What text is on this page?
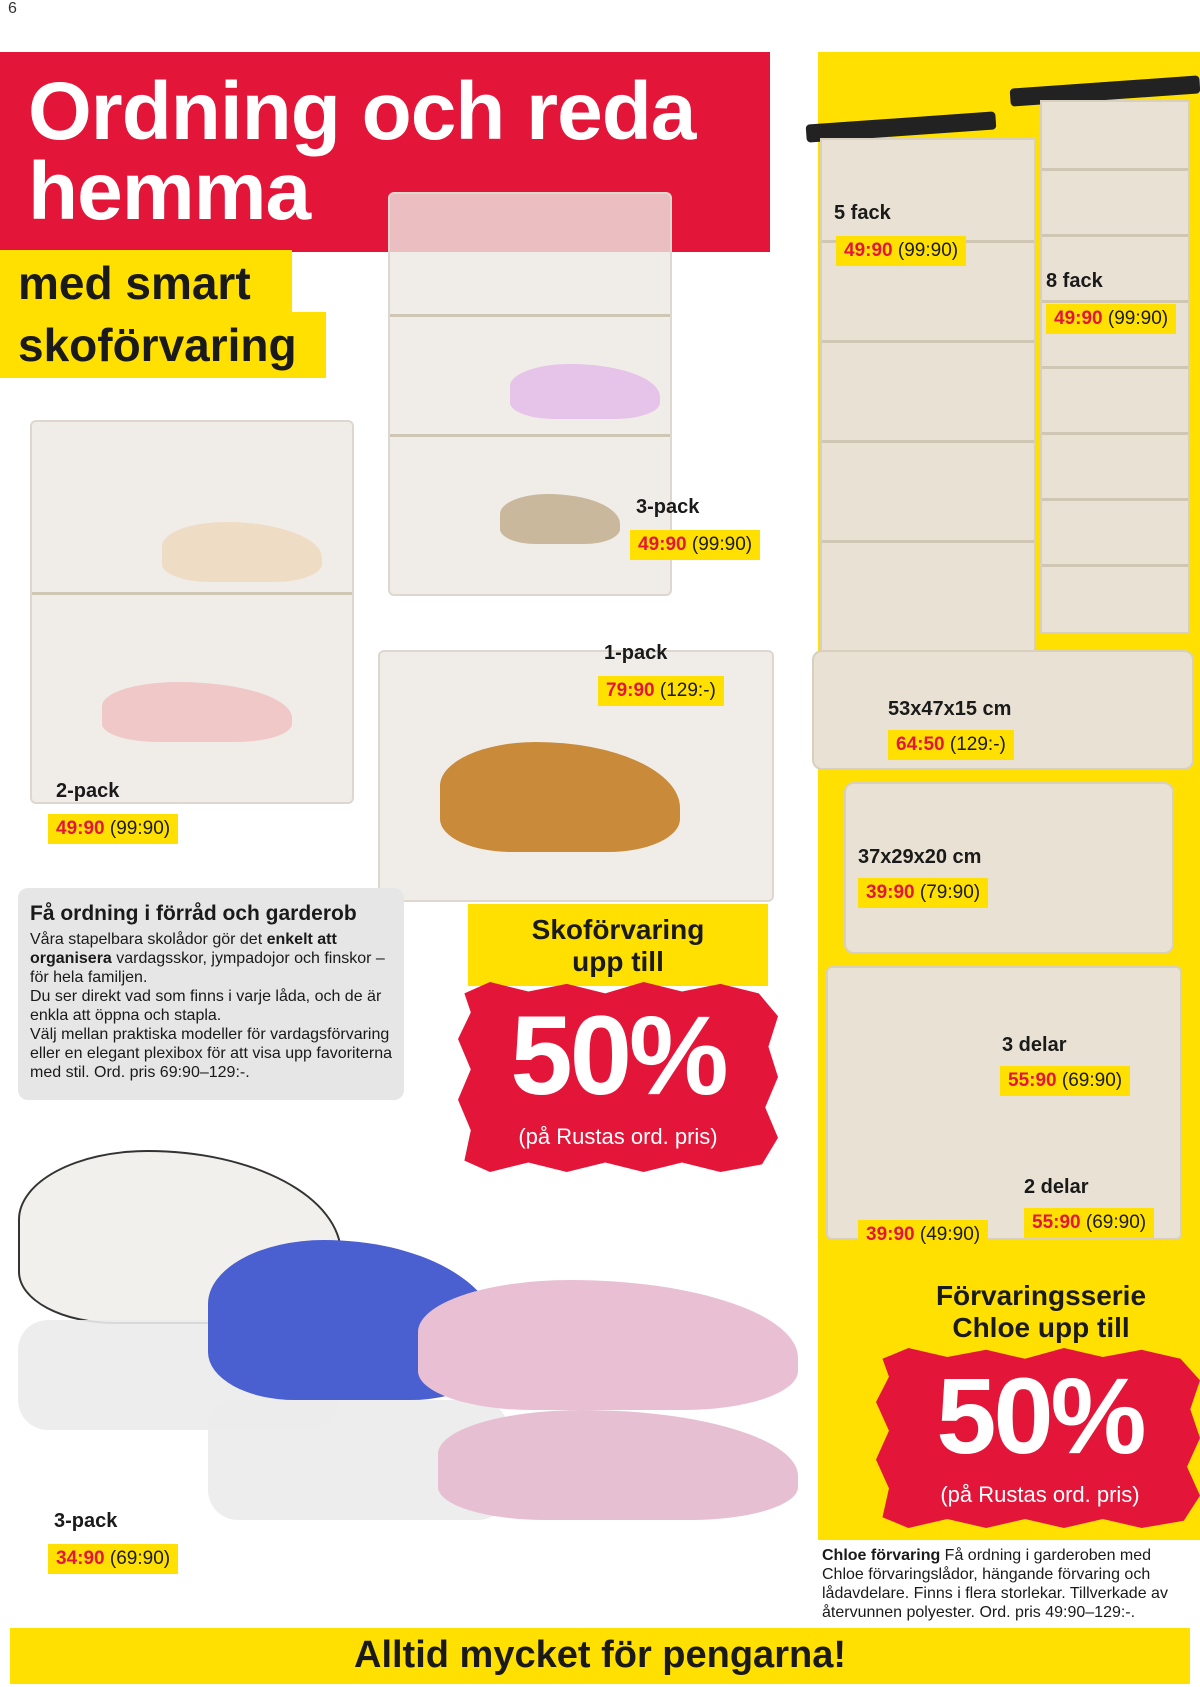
6
Ordning och reda
hemma
med smart
skoförvaring
3-pack
49:90 (99:90)
1-pack
79:90 (129:-)
2-pack
49:90 (99:90)
Få ordning i förråd och garderob
Våra stapelbara skolådor gör det enkelt att organisera vardagsskor, jympadojor och finskor – för hela familjen.
Du ser direkt vad som finns i varje låda, och de är enkla att öppna och stapla.
Välj mellan praktiska modeller för vardagsförvaring eller en elegant plexibox för att visa upp favoriterna med stil. Ord. pris 69:90–129:-.
Skoförvaring
upp till
50%
(på Rustas ord. pris)
3-pack
34:90 (69:90)
5 fack
49:90 (99:90)
8 fack
49:90 (99:90)
53x47x15 cm
64:50 (129:-)
37x29x20 cm
39:90 (79:90)
3 delar
55:90 (69:90)
2 delar
55:90 (69:90)
39:90 (49:90)
Förvaringsserie
Chloe upp till
50%
(på Rustas ord. pris)
Chloe förvaring Få ordning i garderoben med Chloe förvaringslådor, hängande förvaring och lådavdelare. Finns i flera storlekar. Tillverkade av återvunnen polyester. Ord. pris 49:90–129:-.
Alltid mycket för pengarna!
